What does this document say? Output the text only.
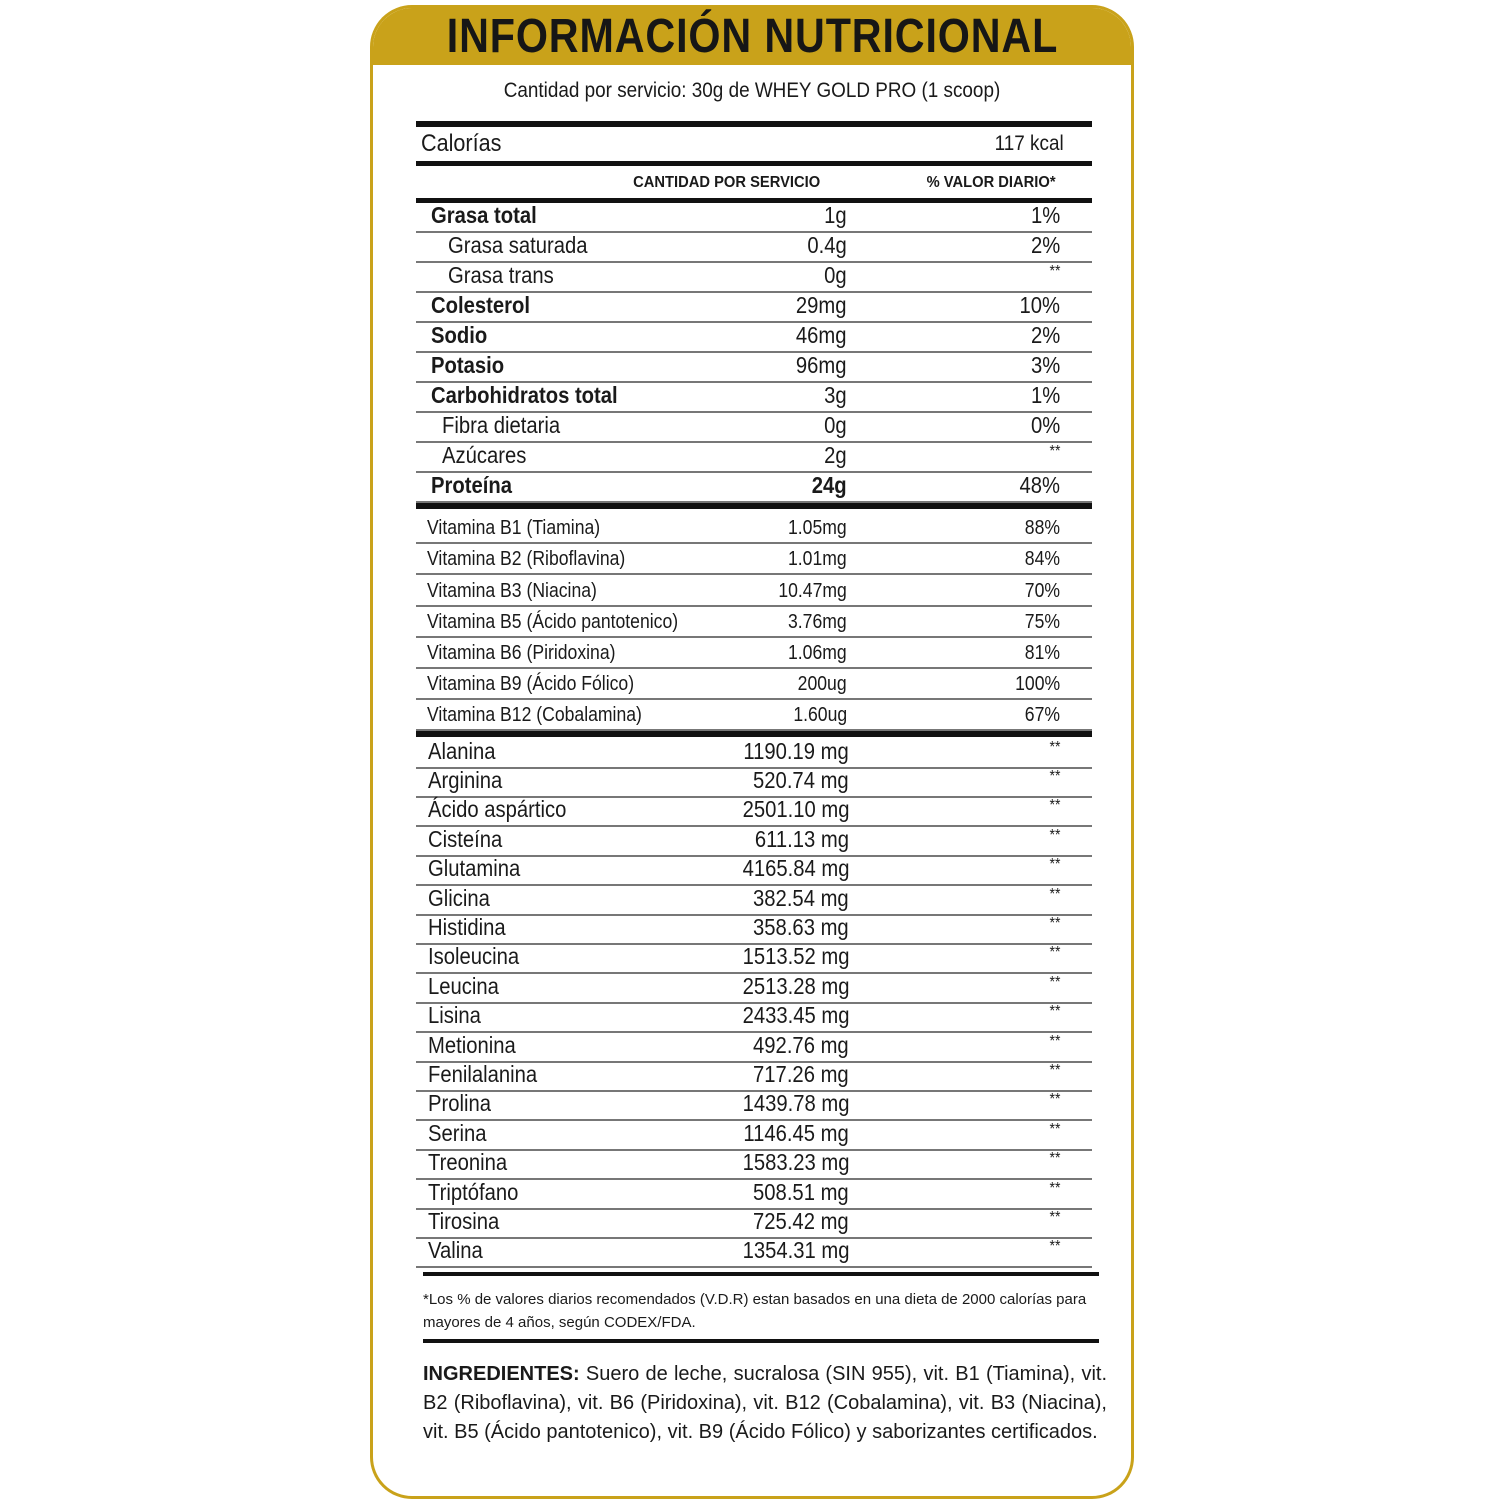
INFORMACIÓN NUTRICIONAL
Cantidad por servicio: 30g de WHEY GOLD PRO (1 scoop)
Calorías	117 kcal
CANTIDAD POR SERVICIO	% VALOR DIARIO*
Grasa total	1g	1%
Grasa saturada	0.4g	2%
Grasa trans	0g	**
Colesterol	29mg	10%
Sodio	46mg	2%
Potasio	96mg	3%
Carbohidratos total	3g	1%
Fibra dietaria	0g	0%
Azúcares	2g	**
Proteína	24g	48%
Vitamina B1 (Tiamina)	1.05mg	88%
Vitamina B2 (Riboflavina)	1.01mg	84%
Vitamina B3 (Niacina)	10.47mg	70%
Vitamina B5 (Ácido pantotenico)	3.76mg	75%
Vitamina B6 (Piridoxina)	1.06mg	81%
Vitamina B9 (Ácido Fólico)	200ug	100%
Vitamina B12 (Cobalamina)	1.60ug	67%
Alanina	1190.19 mg	**
Arginina	520.74 mg	**
Ácido aspártico	2501.10 mg	**
Cisteína	611.13 mg	**
Glutamina	4165.84 mg	**
Glicina	382.54 mg	**
Histidina	358.63 mg	**
Isoleucina	1513.52 mg	**
Leucina	2513.28 mg	**
Lisina	2433.45 mg	**
Metionina	492.76 mg	**
Fenilalanina	717.26 mg	**
Prolina	1439.78 mg	**
Serina	1146.45 mg	**
Treonina	1583.23 mg	**
Triptófano	508.51 mg	**
Tirosina	725.42 mg	**
Valina	1354.31 mg	**
*Los % de valores diarios recomendados (V.D.R) estan basados en una dieta de 2000 calorías para mayores de 4 años, según CODEX/FDA.
INGREDIENTES: Suero de leche, sucralosa (SIN 955), vit. B1 (Tiamina), vit. B2 (Riboflavina), vit. B6 (Piridoxina), vit. B12 (Cobalamina), vit. B3 (Niacina), vit. B5 (Ácido pantotenico), vit. B9 (Ácido Fólico) y saborizantes certificados.
